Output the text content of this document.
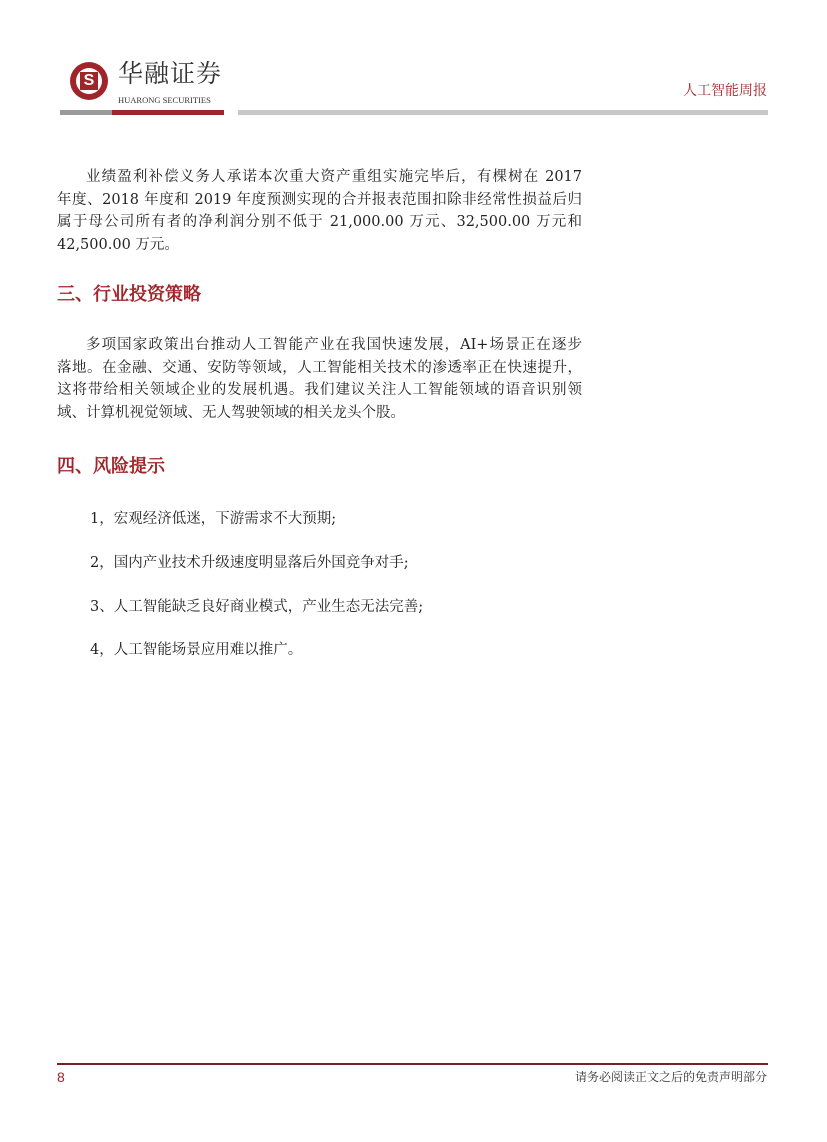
S 华融证券
HUARONG SECURITIES
人工智能周报
业绩盈利补偿义务人承诺本次重大资产重组实施完毕后，有棵树在 2017
年度、2018 年度和 2019 年度预测实现的合并报表范围扣除非经常性损益后归
属于母公司所有者的净利润分别不低于 21,000.00 万元、32,500.00 万元和
42,500.00 万元。
三、行业投资策略
多项国家政策出台推动人工智能产业在我国快速发展，AI+场景正在逐步
落地。在金融、交通、安防等领域，人工智能相关技术的渗透率正在快速提升，
这将带给相关领域企业的发展机遇。我们建议关注人工智能领域的语音识别领
域、计算机视觉领域、无人驾驶领域的相关龙头个股。
四、风险提示
1，宏观经济低迷，下游需求不大预期;
2，国内产业技术升级速度明显落后外国竞争对手;
3、人工智能缺乏良好商业模式，产业生态无法完善;
4，人工智能场景应用难以推广。
8	请务必阅读正文之后的免责声明部分
